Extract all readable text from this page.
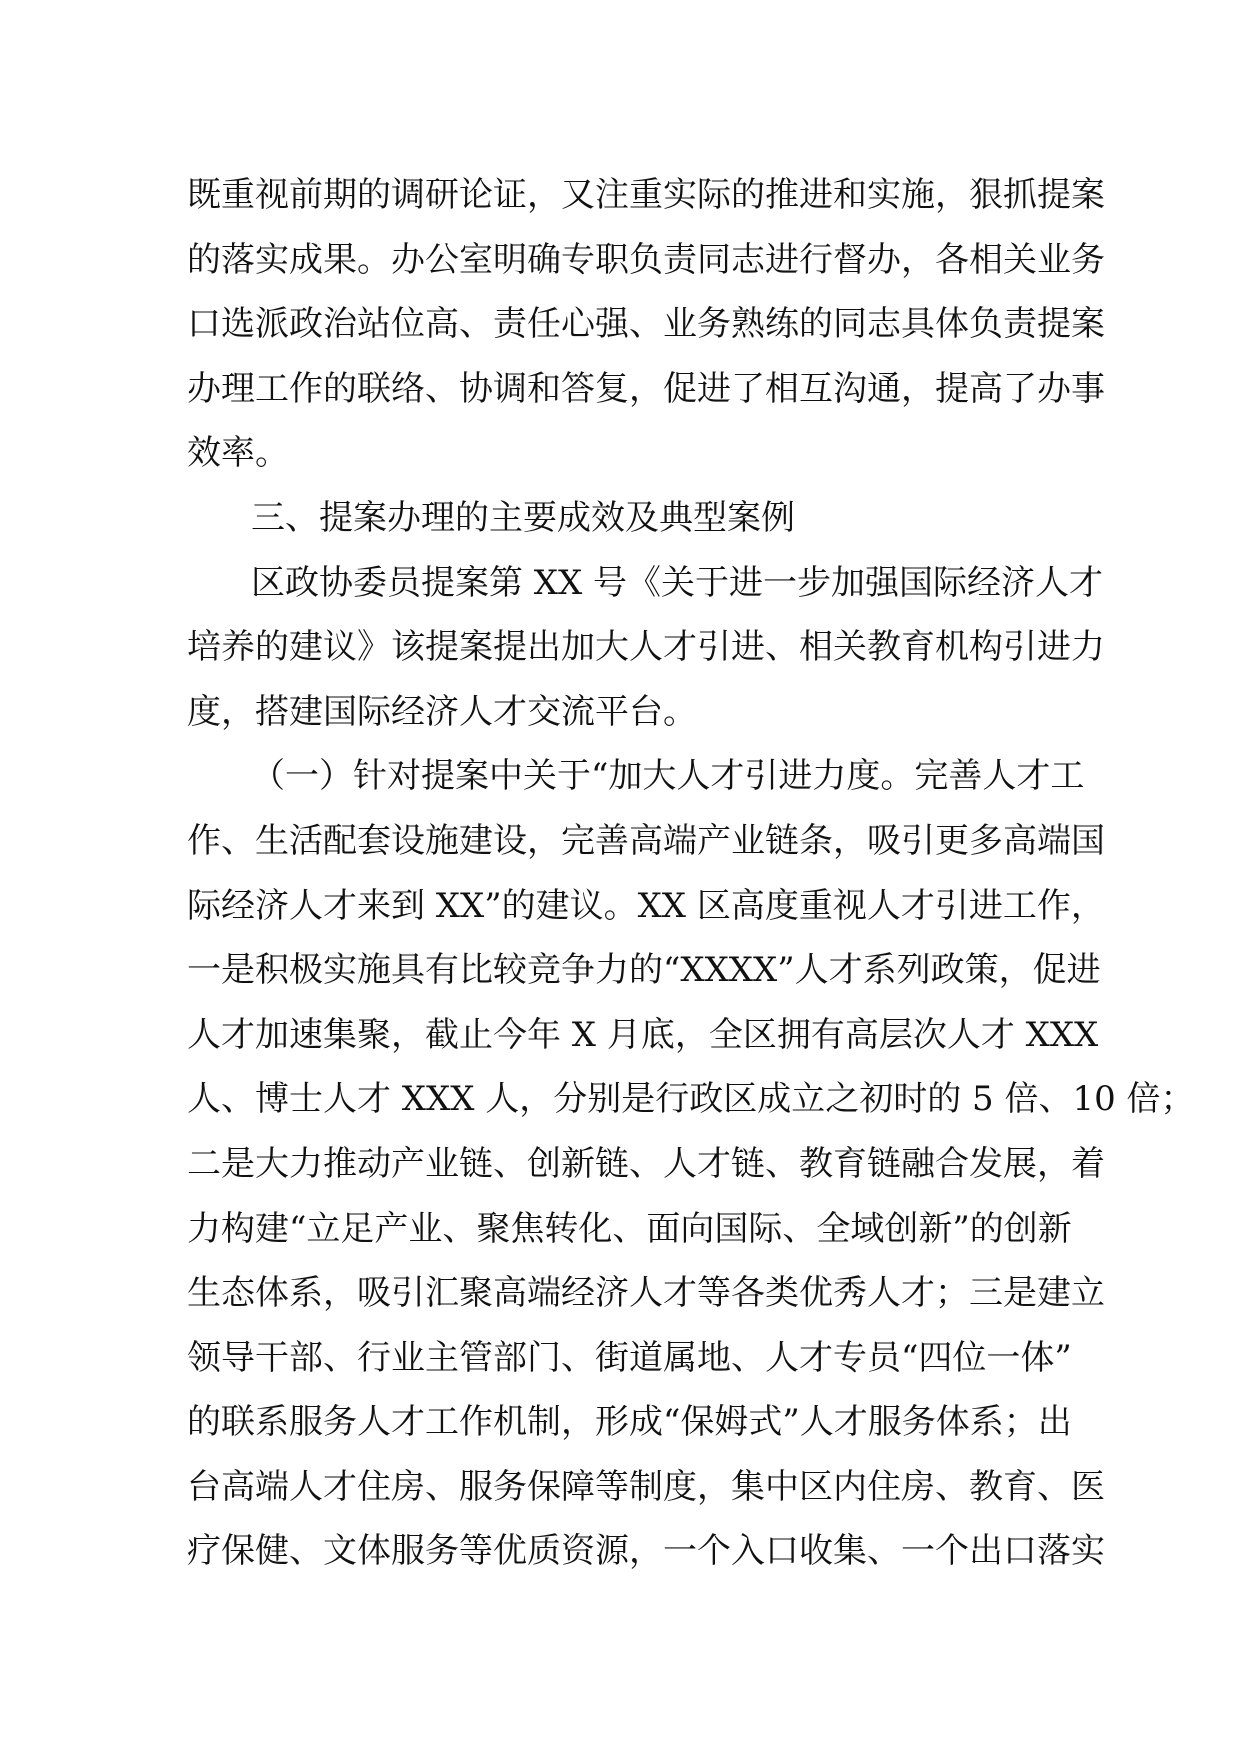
既重视前期的调研论证，又注重实际的推进和实施，狠抓提案
的落实成果。办公室明确专职负责同志进行督办，各相关业务
口选派政治站位高、责任心强、业务熟练的同志具体负责提案
办理工作的联络、协调和答复，促进了相互沟通，提高了办事
效率。
三、提案办理的主要成效及典型案例
区政协委员提案第 XX 号《关于进一步加强国际经济人才
培养的建议》该提案提出加大人才引进、相关教育机构引进力
度，搭建国际经济人才交流平台。
（一）针对提案中关于“加大人才引进力度。完善人才工
作、生活配套设施建设，完善高端产业链条，吸引更多高端国
际经济人才来到 XX”的建议。XX 区高度重视人才引进工作，
一是积极实施具有比较竞争力的“XXXX”人才系列政策，促进
人才加速集聚，截止今年 X 月底，全区拥有高层次人才 XXX
人、博士人才 XXX 人，分别是行政区成立之初时的 5 倍、10 倍；
二是大力推动产业链、创新链、人才链、教育链融合发展，着
力构建“立足产业、聚焦转化、面向国际、全域创新”的创新
生态体系，吸引汇聚高端经济人才等各类优秀人才；三是建立
领导干部、行业主管部门、街道属地、人才专员“四位一体”
的联系服务人才工作机制，形成“保姆式”人才服务体系；出
台高端人才住房、服务保障等制度，集中区内住房、教育、医
疗保健、文体服务等优质资源，一个入口收集、一个出口落实
